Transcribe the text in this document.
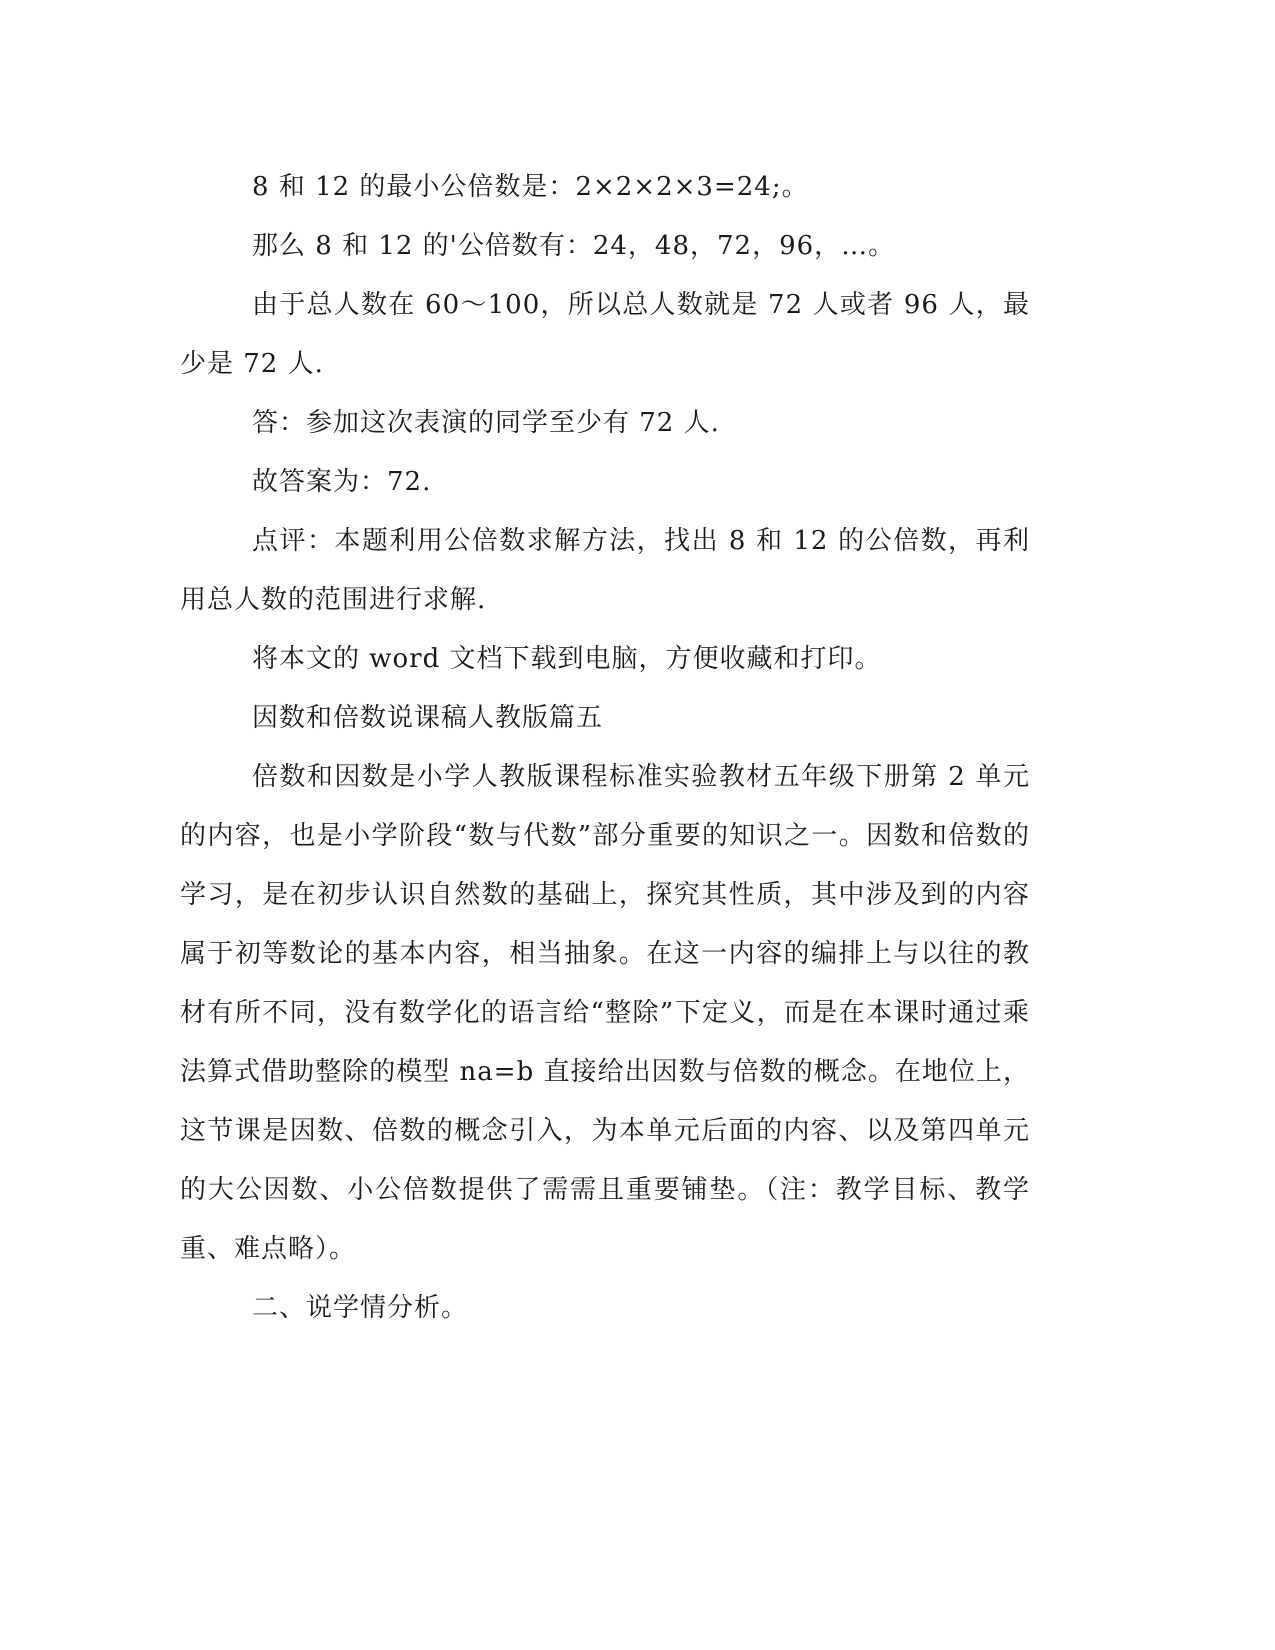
8 和 12 的最小公倍数是：2×2×2×3=24;。

那么 8 和 12 的'公倍数有：24，48，72，96，…。

由于总人数在 60～100，所以总人数就是 72 人或者 96 人，最少是 72 人.

答：参加这次表演的同学至少有 72 人.

故答案为：72.

点评：本题利用公倍数求解方法，找出 8 和 12 的公倍数，再利用总人数的范围进行求解.

将本文的 word 文档下载到电脑，方便收藏和打印。

因数和倍数说课稿人教版篇五

倍数和因数是小学人教版课程标准实验教材五年级下册第 2 单元的内容，也是小学阶段“数与代数”部分重要的知识之一。因数和倍数的学习，是在初步认识自然数的基础上，探究其性质，其中涉及到的内容属于初等数论的基本内容，相当抽象。在这一内容的编排上与以往的教材有所不同，没有数学化的语言给“整除”下定义，而是在本课时通过乘法算式借助整除的模型 na=b 直接给出因数与倍数的概念。在地位上，这节课是因数、倍数的概念引入，为本单元后面的内容、以及第四单元的大公因数、小公倍数提供了需需且重要铺垫。（注：教学目标、教学重、难点略）。

二、说学情分析。
